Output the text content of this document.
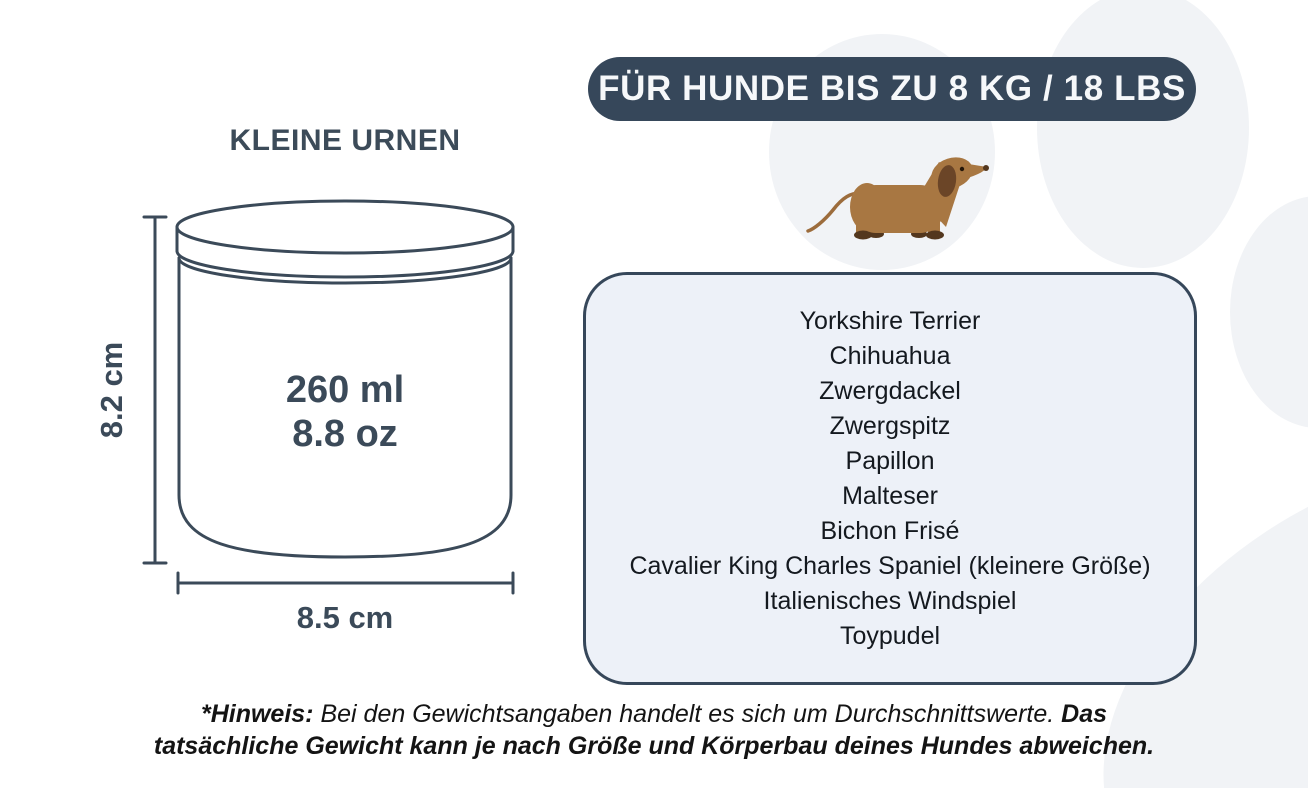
KLEINE URNEN
FÜR HUNDE BIS ZU 8 KG / 18 LBS
8.2 cm
8.5 cm
260 ml
8.8 oz
Yorkshire Terrier
Chihuahua
Zwergdackel
Zwergspitz
Papillon
Malteser
Bichon Frisé
Cavalier King Charles Spaniel (kleinere Größe)
Italienisches Windspiel
Toypudel
*Hinweis: Bei den Gewichtsangaben handelt es sich um Durchschnittswerte. Das
tatsächliche Gewicht kann je nach Größe und Körperbau deines Hundes abweichen.
